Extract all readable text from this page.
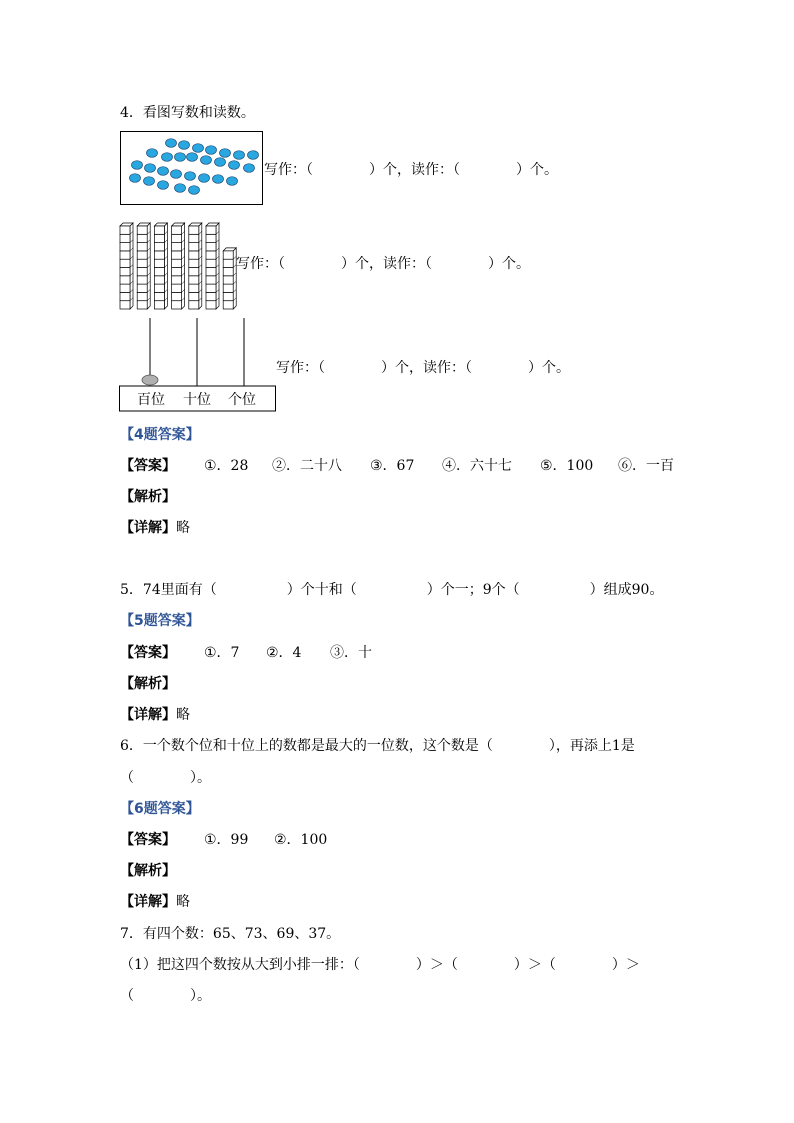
4．看图写数和读数。
写作：（　　　　）个，读作：（　　　　）个。
写作：（　　　　）个，读作：（　　　　）个。
百位 十位 个位
写作：（　　　　）个，读作：（　　　　）个。
【4题答案】
【答案】 ①．28 ②．二十八 ③．67 ④．六十七 ⑤．100 ⑥．一百
【解析】
【详解】略
5．74里面有（　　　　　）个十和（　　　　　）个一；9个（　　　　　）组成90。
【5题答案】
【答案】 ①．7 ②．4 ③．十
【解析】
【详解】略
6．一个数个位和十位上的数都是最大的一位数，这个数是（　　　　），再添上1是
（　　　　）。
【6题答案】
【答案】 ①．99 ②．100
【解析】
【详解】略
7．有四个数：65、73、69、37。
（1）把这四个数按从大到小排一排：（　　　　）＞（　　　　）＞（　　　　）＞
（　　　　）。
